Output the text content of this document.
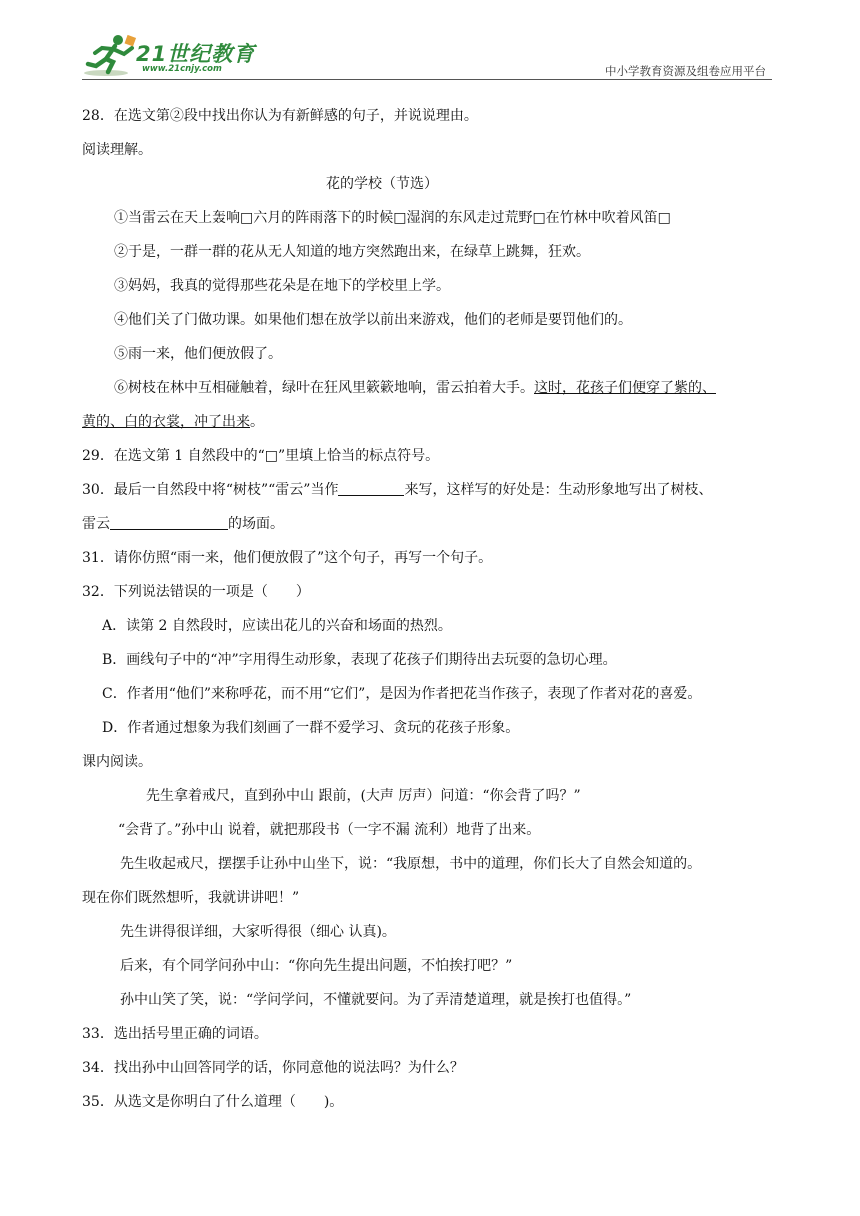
21世纪教育
www.21cnjy.com	中小学教育资源及组卷应用平台

28．在选文第②段中找出你认为有新鲜感的句子，并说说理由。

阅读理解。

花的学校（节选）

①当雷云在天上轰响□六月的阵雨落下的时候□湿润的东风走过荒野□在竹林中吹着风笛□

②于是，一群一群的花从无人知道的地方突然跑出来，在绿草上跳舞，狂欢。

③妈妈，我真的觉得那些花朵是在地下的学校里上学。

④他们关了门做功课。如果他们想在放学以前出来游戏，他们的老师是要罚他们的。

⑤雨一来，他们便放假了。

⑥树枝在林中互相碰触着，绿叶在狂风里簌簌地响，雷云拍着大手。这时，花孩子们便穿了紫的、

黄的、白的衣裳，冲了出来。

29．在选文第 1 自然段中的“□”里填上恰当的标点符号。

30．最后一自然段中将“树枝”“雷云”当作	来写，这样写的好处是：生动形象地写出了树枝、

雷云	的场面。

31．请你仿照“雨一来，他们便放假了”这个句子，再写一个句子。

32．下列说法错误的一项是（　　）

A．读第 2 自然段时，应读出花儿的兴奋和场面的热烈。

B．画线句子中的“冲”字用得生动形象，表现了花孩子们期待出去玩耍的急切心理。

C．作者用“他们”来称呼花，而不用“它们”，是因为作者把花当作孩子，表现了作者对花的喜爱。

D．作者通过想象为我们刻画了一群不爱学习、贪玩的花孩子形象。

课内阅读。

先生拿着戒尺，直到孙中山 跟前，(大声 厉声）问道：“你会背了吗？”

“会背了。”孙中山 说着，就把那段书（一字不漏 流利）地背了出来。

先生收起戒尺，摆摆手让孙中山坐下，说：“我原想，书中的道理，你们长大了自然会知道的。

现在你们既然想听，我就讲讲吧！”

先生讲得很详细，大家听得很（细心 认真)。

后来，有个同学问孙中山：“你向先生提出问题，不怕挨打吧？”

孙中山笑了笑，说：“学问学问，不懂就要问。为了弄清楚道理，就是挨打也值得。”

33．选出括号里正确的词语。

34．找出孙中山回答同学的话，你同意他的说法吗？为什么？

35．从选文是你明白了什么道理（　　)。
